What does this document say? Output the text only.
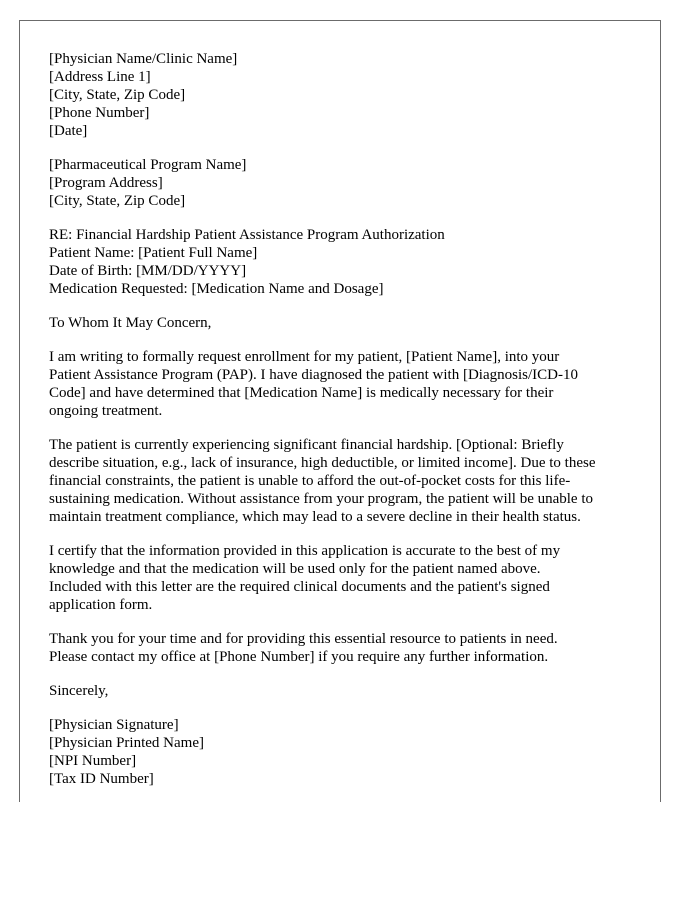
[Physician Name/Clinic Name]
[Address Line 1]
[City, State, Zip Code]
[Phone Number]
[Date]
[Pharmaceutical Program Name]
[Program Address]
[City, State, Zip Code]
RE: Financial Hardship Patient Assistance Program Authorization
Patient Name: [Patient Full Name]
Date of Birth: [MM/DD/YYYY]
Medication Requested: [Medication Name and Dosage]
To Whom It May Concern,
I am writing to formally request enrollment for my patient, [Patient Name], into your
Patient Assistance Program (PAP). I have diagnosed the patient with [Diagnosis/ICD-10
Code] and have determined that [Medication Name] is medically necessary for their
ongoing treatment.
The patient is currently experiencing significant financial hardship. [Optional: Briefly
describe situation, e.g., lack of insurance, high deductible, or limited income]. Due to these
financial constraints, the patient is unable to afford the out-of-pocket costs for this life-
sustaining medication. Without assistance from your program, the patient will be unable to
maintain treatment compliance, which may lead to a severe decline in their health status.
I certify that the information provided in this application is accurate to the best of my
knowledge and that the medication will be used only for the patient named above.
Included with this letter are the required clinical documents and the patient's signed
application form.
Thank you for your time and for providing this essential resource to patients in need.
Please contact my office at [Phone Number] if you require any further information.
Sincerely,
[Physician Signature]
[Physician Printed Name]
[NPI Number]
[Tax ID Number]
